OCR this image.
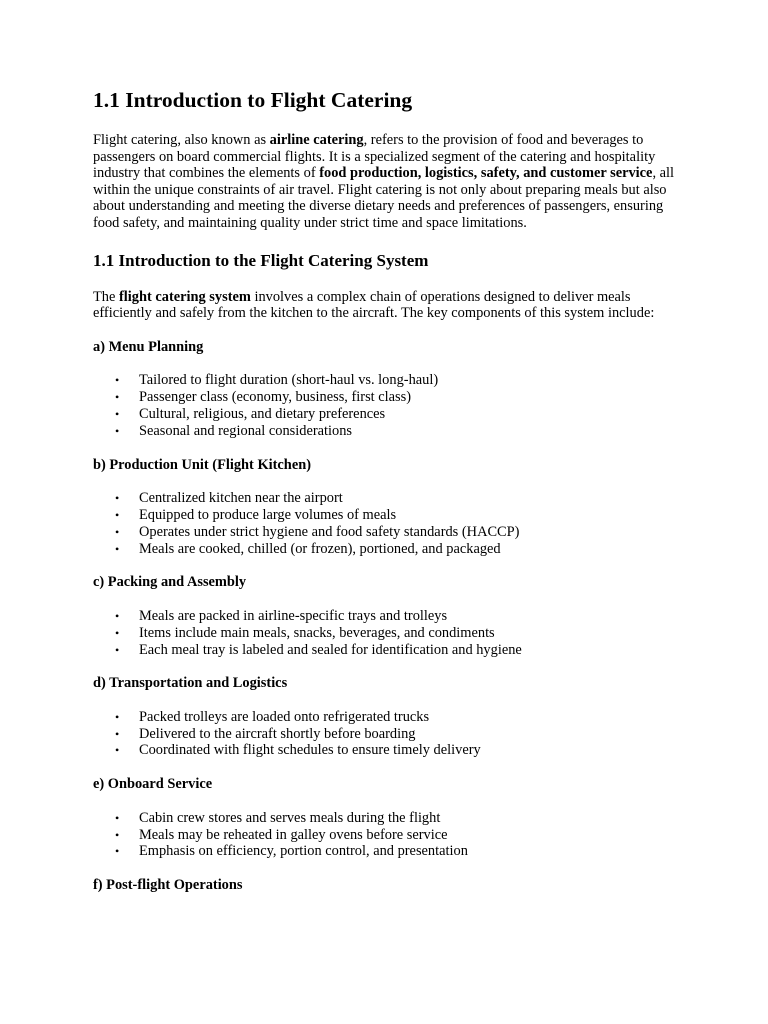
1.1 Introduction to Flight Catering

Flight catering, also known as airline catering, refers to the provision of food and beverages to passengers on board commercial flights. It is a specialized segment of the catering and hospitality industry that combines the elements of food production, logistics, safety, and customer service, all within the unique constraints of air travel. Flight catering is not only about preparing meals but also about understanding and meeting the diverse dietary needs and preferences of passengers, ensuring food safety, and maintaining quality under strict time and space limitations.

1.1 Introduction to the Flight Catering System

The flight catering system involves a complex chain of operations designed to deliver meals efficiently and safely from the kitchen to the aircraft. The key components of this system include:

a) Menu Planning
• Tailored to flight duration (short-haul vs. long-haul)
• Passenger class (economy, business, first class)
• Cultural, religious, and dietary preferences
• Seasonal and regional considerations
b) Production Unit (Flight Kitchen)
• Centralized kitchen near the airport
• Equipped to produce large volumes of meals
• Operates under strict hygiene and food safety standards (HACCP)
• Meals are cooked, chilled (or frozen), portioned, and packaged
c) Packing and Assembly
• Meals are packed in airline-specific trays and trolleys
• Items include main meals, snacks, beverages, and condiments
• Each meal tray is labeled and sealed for identification and hygiene
d) Transportation and Logistics
• Packed trolleys are loaded onto refrigerated trucks
• Delivered to the aircraft shortly before boarding
• Coordinated with flight schedules to ensure timely delivery
e) Onboard Service
• Cabin crew stores and serves meals during the flight
• Meals may be reheated in galley ovens before service
• Emphasis on efficiency, portion control, and presentation
f) Post-flight Operations
